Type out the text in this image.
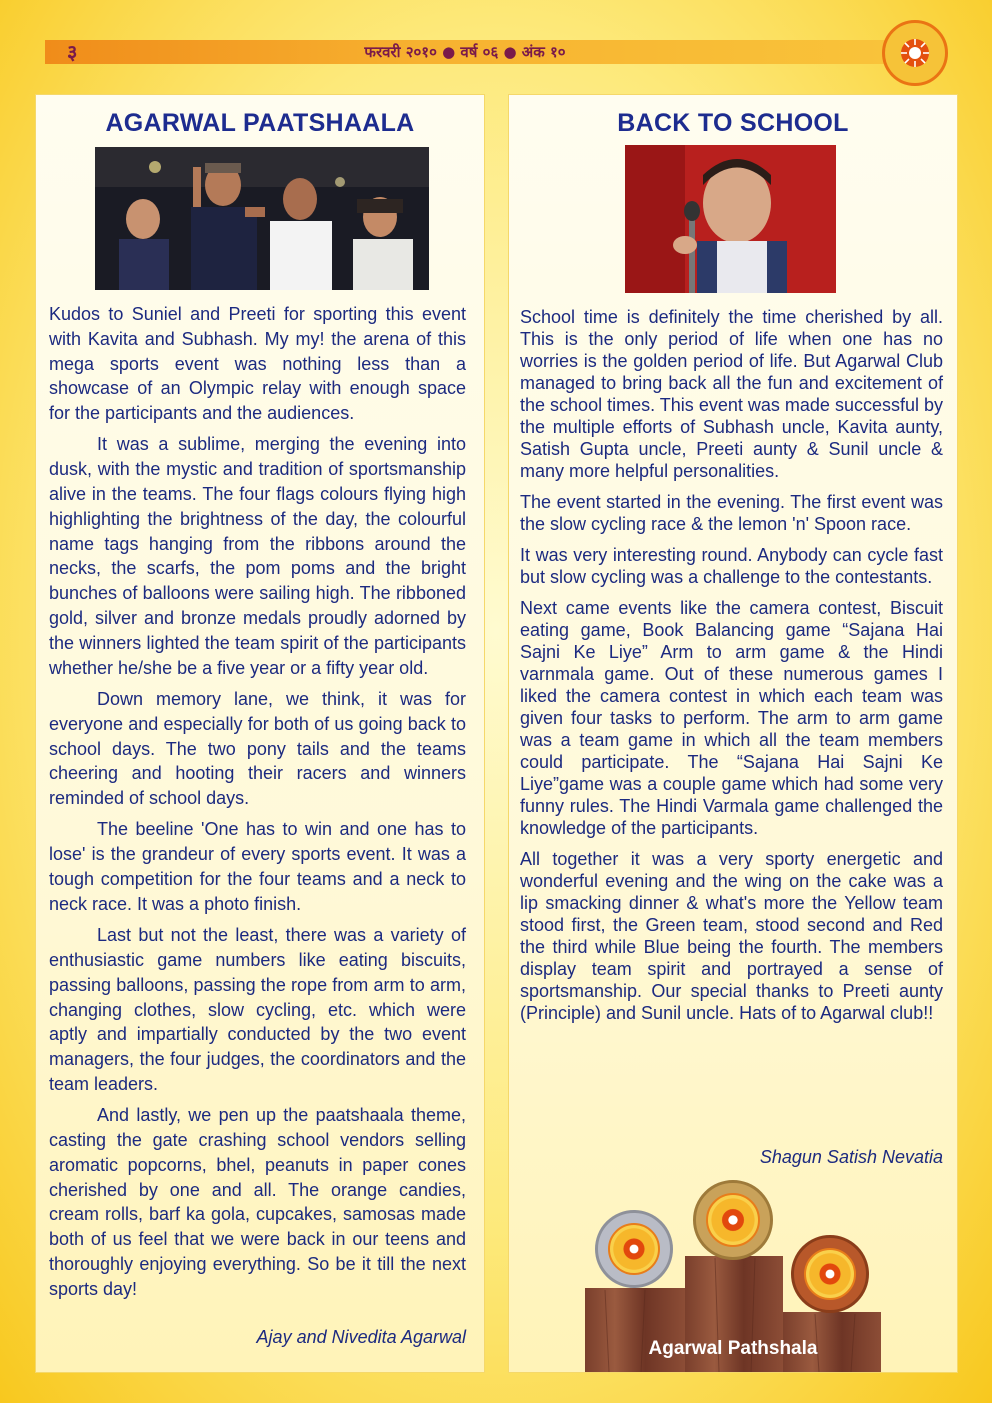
३	फरवरी २०१० ● वर्ष ०६ ● अंक १०
AGARWAL PAATSHAALA

Kudos to Suniel and Preeti for sporting this event with Kavita and Subhash. My my! the arena of this mega sports event was nothing less than a showcase of an Olympic relay with enough space for the participants and the audiences.

It was a sublime, merging the evening into dusk, with the mystic and tradition of sportsmanship alive in the teams. The four flags colours flying high highlighting the brightness of the day, the colourful name tags hanging from the ribbons around the necks, the scarfs, the pom poms and the bright bunches of balloons were sailing high. The ribboned gold, silver and bronze medals proudly adorned by the winners lighted the team spirit of the participants whether he/she be a five year or a fifty year old.

Down memory lane, we think, it was for everyone and especially for both of us going back to school days. The two pony tails and the teams cheering and hooting their racers and winners reminded of school days.

The beeline 'One has to win and one has to lose' is the grandeur of every sports event. It was a tough competition for the four teams and a neck to neck race. It was a photo finish.

Last but not the least, there was a variety of enthusiastic game numbers like eating biscuits, passing balloons, passing the rope from arm to arm, changing clothes, slow cycling, etc. which were aptly and impartially conducted by the two event managers, the four judges, the coordinators and the team leaders.

And lastly, we pen up the paatshaala theme, casting the gate crashing school vendors selling aromatic popcorns, bhel, peanuts in paper cones cherished by one and all. The orange candies, cream rolls, barf ka gola, cupcakes, samosas made both of us feel that we were back in our teens and thoroughly enjoying everything. So be it till the next sports day!

Ajay and Nivedita Agarwal
BACK TO SCHOOL

School time is definitely the time cherished by all. This is the only period of life when one has no worries is the golden period of life. But Agarwal Club managed to bring back all the fun and excitement of the school times. This event was made successful by the multiple efforts of Subhash uncle, Kavita aunty, Satish Gupta uncle, Preeti aunty & Sunil uncle & many more helpful personalities.

The event started in the evening. The first event was the slow cycling race & the lemon 'n' Spoon race.

It was very interesting round. Anybody can cycle fast but slow cycling was a challenge to the contestants.

Next came events like the camera contest, Biscuit eating game, Book Balancing game “Sajana Hai Sajni Ke Liye” Arm to arm game & the Hindi varnmala game. Out of these numerous games I liked the camera contest in which each team was given four tasks to perform. The arm to arm game was a team game in which all the team members could participate. The “Sajana Hai Sajni Ke Liye”game was a couple game which had some very funny rules. The Hindi Varmala game challenged the knowledge of the participants.

All together it was a very sporty energetic and wonderful evening and the wing on the cake was a lip smacking dinner & what's more the Yellow team stood first, the Green team, stood second and Red the third while Blue being the fourth. The members display team spirit and portrayed a sense of sportsmanship. Our special thanks to Preeti aunty (Principle) and Sunil uncle. Hats of to Agarwal club!!

Shagun Satish Nevatia
Agarwal Pathshala
